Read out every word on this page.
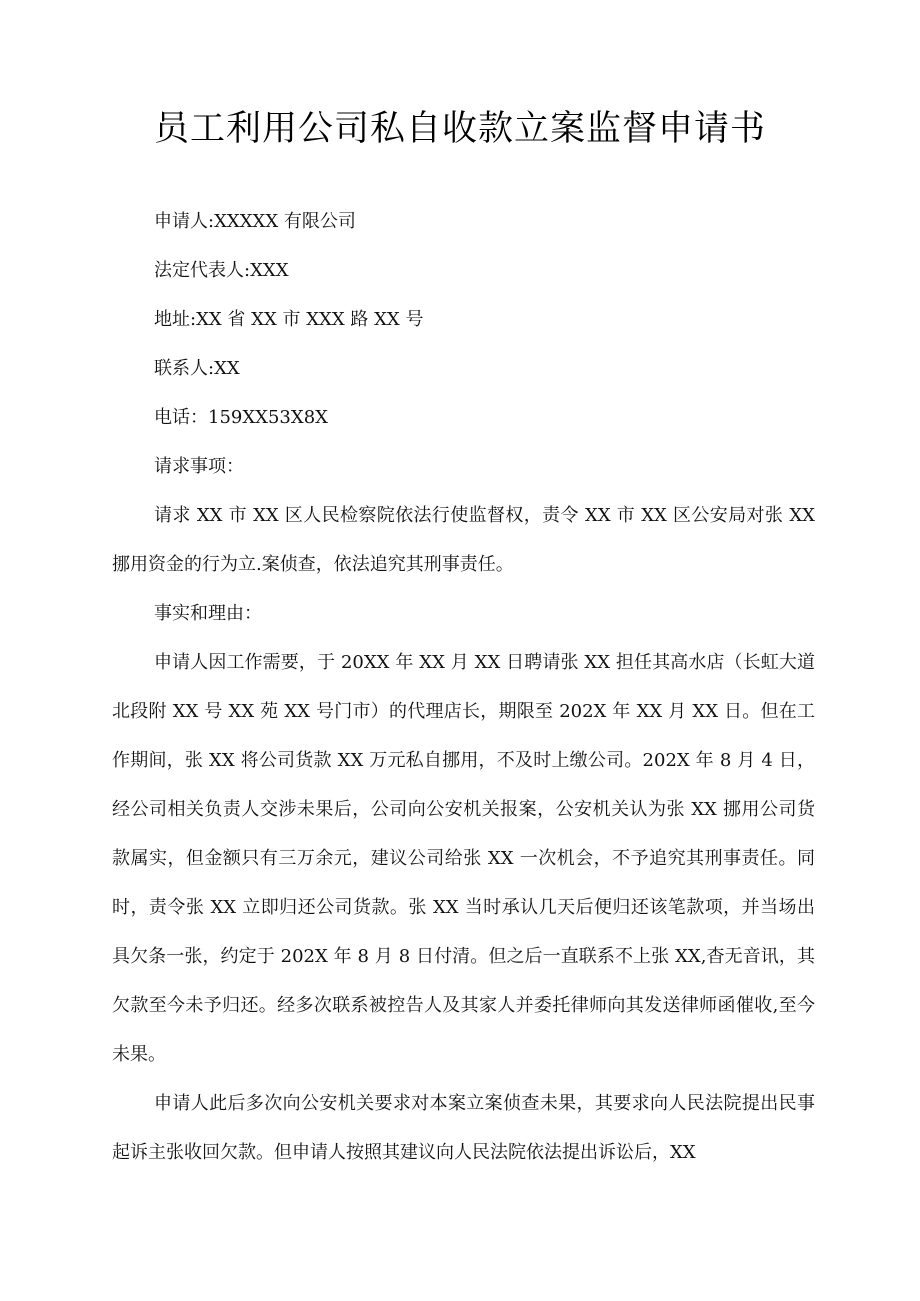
员工利用公司私自收款立案监督申请书

申请人:XXXXX 有限公司

法定代表人:XXX

地址:XX 省 XX 市 XXX 路 XX 号

联系人:XX

电话：159XX53X8X

请求事项：

请求 XX 市 XX 区人民检察院依法行使监督权，责令 XX 市 XX 区公安局对张 XX 挪用资金的行为立.案侦查，依法追究其刑事责任。

事实和理由：

申请人因工作需要，于 20XX 年 XX 月 XX 日聘请张 XX 担任其高水店（长虹大道北段附 XX 号 XX 苑 XX 号门市）的代理店长，期限至 202X 年 XX 月 XX 日。但在工作期间，张 XX 将公司货款 XX 万元私自挪用，不及时上缴公司。202X 年 8 月 4 日，经公司相关负责人交涉未果后，公司向公安机关报案，公安机关认为张 XX 挪用公司货款属实，但金额只有三万余元，建议公司给张 XX 一次机会，不予追究其刑事责任。同时，责令张 XX 立即归还公司货款。张 XX 当时承认几天后便归还该笔款项，并当场出具欠条一张，约定于 202X 年 8 月 8 日付清。但之后一直联系不上张 XX,杳无音讯，其欠款至今未予归还。经多次联系被控告人及其家人并委托律师向其发送律师函催收,至今未果。

申请人此后多次向公安机关要求对本案立案侦查未果，其要求向人民法院提出民事起诉主张收回欠款。但申请人按照其建议向人民法院依法提出诉讼后，XX
